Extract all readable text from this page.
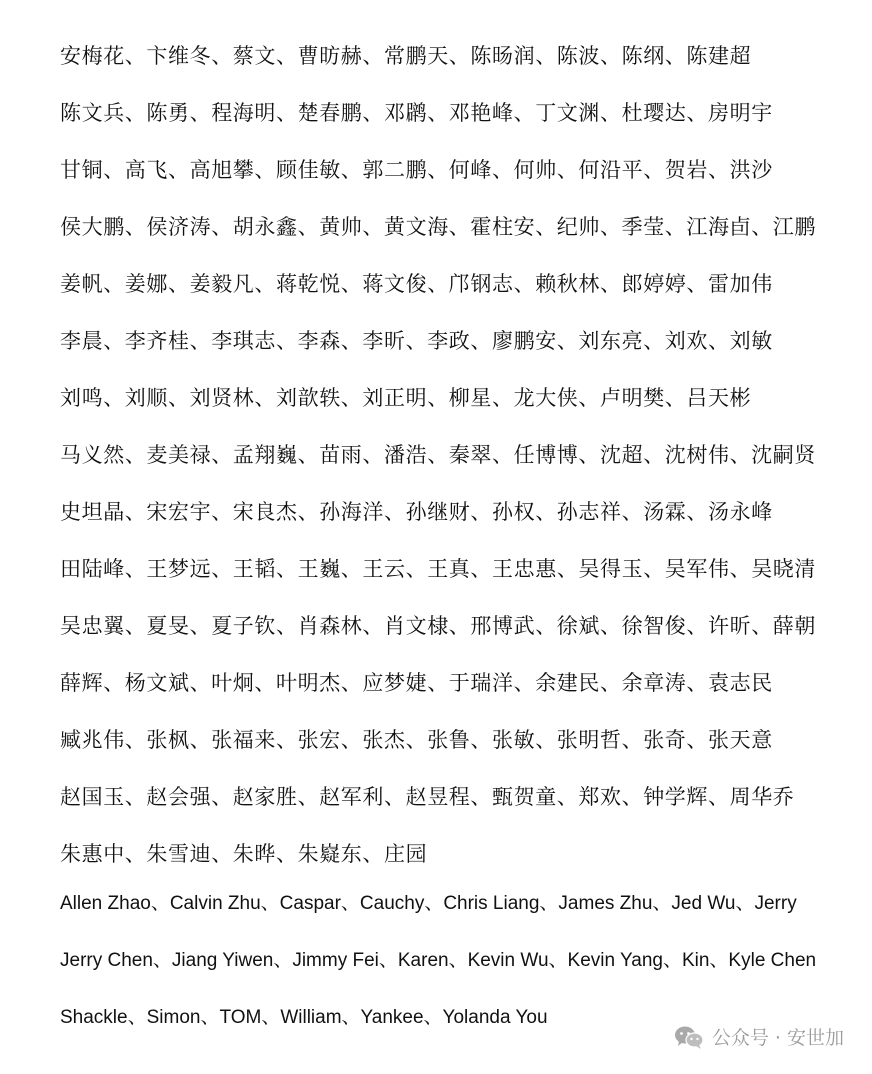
安梅花、卞维冬、蔡文、曹昉赫、常鹏天、陈旸润、陈波、陈纲、陈建超
陈文兵、陈勇、程海明、楚春鹏、邓䴙、邓艳峰、丁文渊、杜璎达、房明宇
甘铜、高飞、高旭攀、顾佳敏、郭二鹏、何峰、何帅、何沿平、贺岩、洪沙
侯大鹏、侯济涛、胡永鑫、黄帅、黄文海、霍柱安、纪帅、季莹、江海卣、江鹏
姜帆、姜娜、姜毅凡、蒋乾悦、蒋文俊、邝钢志、赖秋林、郎婷婷、雷加伟
李晨、李齐桂、李琪志、李森、李昕、李政、廖鹏安、刘东亮、刘欢、刘敏
刘鸣、刘顺、刘贤林、刘歆轶、刘正明、柳星、龙大侠、卢明樊、吕天彬
马义然、麦美禄、孟翔巍、苗雨、潘浩、秦翠、任博博、沈超、沈树伟、沈嗣贤
史坦晶、宋宏宇、宋良杰、孙海洋、孙继财、孙权、孙志祥、汤霖、汤永峰
田陆峰、王梦远、王韬、王巍、王云、王真、王忠惠、吴得玉、吴军伟、吴晓清
吴忠翼、夏旻、夏子钦、肖森林、肖文棣、邢博武、徐斌、徐智俊、许昕、薛朝
薛辉、杨文斌、叶炯、叶明杰、应梦婕、于瑞洋、余建民、余章涛、袁志民
臧兆伟、张枫、张福来、张宏、张杰、张鲁、张敏、张明哲、张奇、张天意
赵国玉、赵会强、赵家胜、赵军利、赵昱程、甄贺童、郑欢、钟学辉、周华乔
朱惠中、朱雪迪、朱晔、朱嶷东、庄园
Allen Zhao、Calvin Zhu、Caspar、Cauchy、Chris Liang、James Zhu、Jed Wu、Jerry
Jerry Chen、Jiang Yiwen、Jimmy Fei、Karen、Kevin Wu、Kevin Yang、Kin、Kyle Chen
Shackle、Simon、TOM、William、Yankee、Yolanda You
公众号 · 安世加
